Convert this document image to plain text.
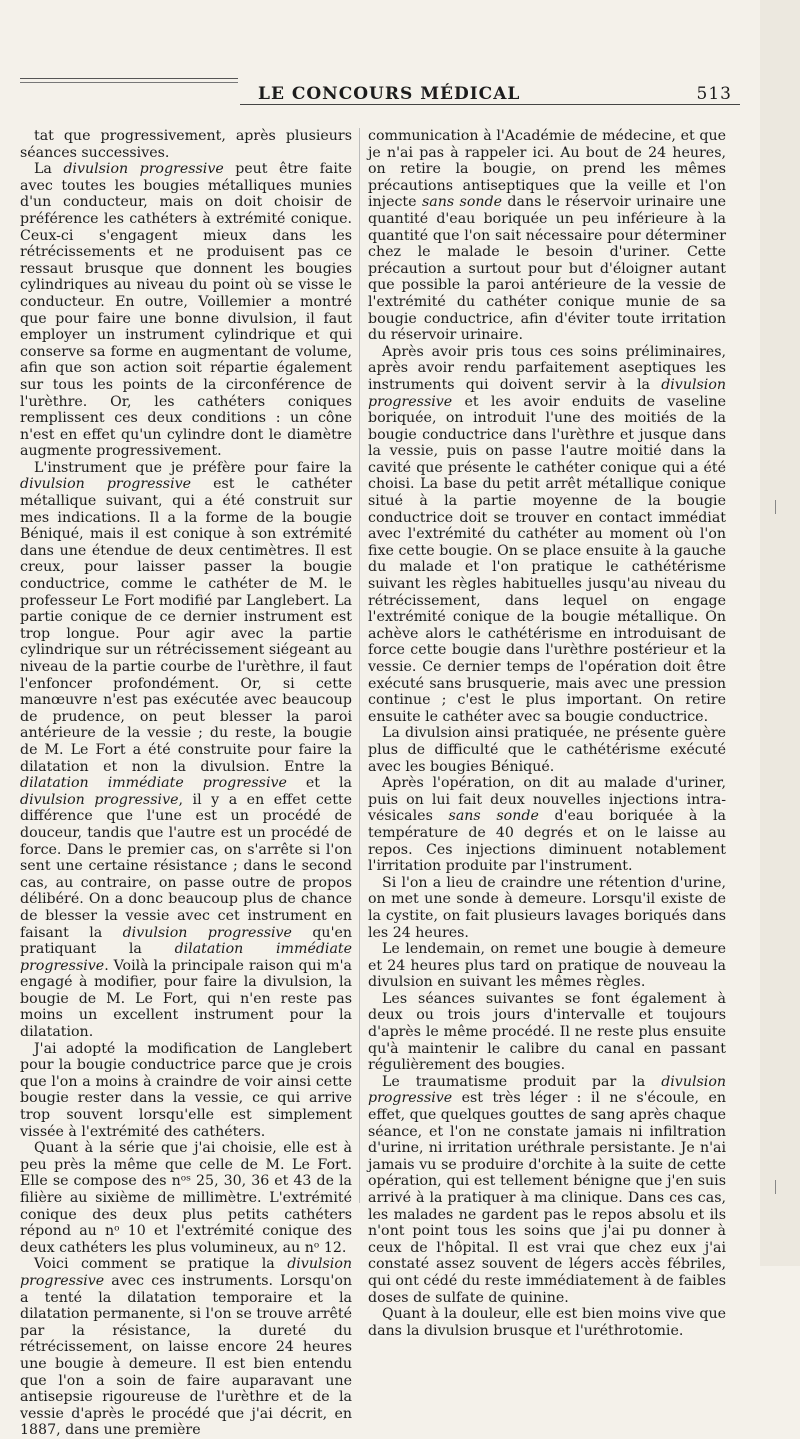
LE CONCOURS MÉDICAL	513

tat que progressivement, après plusieurs séances successives.

La divulsion progressive peut être faite avec toutes les bougies métalliques munies d'un conducteur, mais on doit choisir de préférence les cathéters à extrémité conique. Ceux-ci s'engagent mieux dans les rétrécissements et ne produisent pas ce ressaut brusque que donnent les bougies cylindriques au niveau du point où se visse le conducteur. En outre, Voillemier a montré que pour faire une bonne divulsion, il faut employer un instrument cylindrique et qui conserve sa forme en augmentant de volume, afin que son action soit répartie également sur tous les points de la circonférence de l'urèthre. Or, les cathéters coniques remplissent ces deux conditions : un cône n'est en effet qu'un cylindre dont le diamètre augmente progressivement.

L'instrument que je préfère pour faire la divulsion progressive est le cathéter métallique suivant, qui a été construit sur mes indications. Il a la forme de la bougie Béniqué, mais il est conique à son extrémité dans une étendue de deux centimètres. Il est creux, pour laisser passer la bougie conductrice, comme le cathéter de M. le professeur Le Fort modifié par Langlebert. La partie conique de ce dernier instrument est trop longue. Pour agir avec la partie cylindrique sur un rétrécissement siégeant au niveau de la partie courbe de l'urèthre, il faut l'enfoncer profondément. Or, si cette manœuvre n'est pas exécutée avec beaucoup de prudence, on peut blesser la paroi antérieure de la vessie ; du reste, la bougie de M. Le Fort a été construite pour faire la dilatation et non la divulsion. Entre la dilatation immédiate progressive et la divulsion progressive, il y a en effet cette différence que l'une est un procédé de douceur, tandis que l'autre est un procédé de force. Dans le premier cas, on s'arrête si l'on sent une certaine résistance ; dans le second cas, au contraire, on passe outre de propos délibéré. On a donc beaucoup plus de chance de blesser la vessie avec cet instrument en faisant la divulsion progressive qu'en pratiquant la dilatation immédiate progressive. Voilà la principale raison qui m'a engagé à modifier, pour faire la divulsion, la bougie de M. Le Fort, qui n'en reste pas moins un excellent instrument pour la dilatation.

J'ai adopté la modification de Langlebert pour la bougie conductrice parce que je crois que l'on a moins à craindre de voir ainsi cette bougie rester dans la vessie, ce qui arrive trop souvent lorsqu'elle est simplement vissée à l'extrémité des cathéters.

Quant à la série que j'ai choisie, elle est à peu près la même que celle de M. Le Fort. Elle se compose des nᵒˢ 25, 30, 36 et 43 de la filière au sixième de millimètre. L'extrémité conique des deux plus petits cathéters répond au nᵒ 10 et l'extrémité conique des deux cathéters les plus volumineux, au nᵒ 12.

Voici comment se pratique la divulsion progressive avec ces instruments. Lorsqu'on a tenté la dilatation temporaire et la dilatation permanente, si l'on se trouve arrêté par la résistance, la dureté du rétrécissement, on laisse encore 24 heures une bougie à demeure. Il est bien entendu que l'on a soin de faire auparavant une antisepsie rigoureuse de l'urèthre et de la vessie d'après le procédé que j'ai décrit, en 1887, dans une première

communication à l'Académie de médecine, et que je n'ai pas à rappeler ici. Au bout de 24 heures, on retire la bougie, on prend les mêmes précautions antiseptiques que la veille et l'on injecte sans sonde dans le réservoir urinaire une quantité d'eau boriquée un peu inférieure à la quantité que l'on sait nécessaire pour déterminer chez le malade le besoin d'uriner. Cette précaution a surtout pour but d'éloigner autant que possible la paroi antérieure de la vessie de l'extrémité du cathéter conique munie de sa bougie conductrice, afin d'éviter toute irritation du réservoir urinaire.

Après avoir pris tous ces soins préliminaires, après avoir rendu parfaitement aseptiques les instruments qui doivent servir à la divulsion progressive et les avoir enduits de vaseline boriquée, on introduit l'une des moitiés de la bougie conductrice dans l'urèthre et jusque dans la vessie, puis on passe l'autre moitié dans la cavité que présente le cathéter conique qui a été choisi. La base du petit arrêt métallique conique situé à la partie moyenne de la bougie conductrice doit se trouver en contact immédiat avec l'extrémité du cathéter au moment où l'on fixe cette bougie. On se place ensuite à la gauche du malade et l'on pratique le cathétérisme suivant les règles habituelles jusqu'au niveau du rétrécissement, dans lequel on engage l'extrémité conique de la bougie métallique. On achève alors le cathétérisme en introduisant de force cette bougie dans l'urèthre postérieur et la vessie. Ce dernier temps de l'opération doit être exécuté sans brusquerie, mais avec une pression continue ; c'est le plus important. On retire ensuite le cathéter avec sa bougie conductrice.

La divulsion ainsi pratiquée, ne présente guère plus de difficulté que le cathétérisme exécuté avec les bougies Béniqué.

Après l'opération, on dit au malade d'uriner, puis on lui fait deux nouvelles injections intra-vésicales sans sonde d'eau boriquée à la température de 40 degrés et on le laisse au repos. Ces injections diminuent notablement l'irritation produite par l'instrument.

Si l'on a lieu de craindre une rétention d'urine, on met une sonde à demeure. Lorsqu'il existe de la cystite, on fait plusieurs lavages boriqués dans les 24 heures.

Le lendemain, on remet une bougie à demeure et 24 heures plus tard on pratique de nouveau la divulsion en suivant les mêmes règles.

Les séances suivantes se font également à deux ou trois jours d'intervalle et toujours d'après le même procédé. Il ne reste plus ensuite qu'à maintenir le calibre du canal en passant régulièrement des bougies.

Le traumatisme produit par la divulsion progressive est très léger : il ne s'écoule, en effet, que quelques gouttes de sang après chaque séance, et l'on ne constate jamais ni infiltration d'urine, ni irritation uréthrale persistante. Je n'ai jamais vu se produire d'orchite à la suite de cette opération, qui est tellement bénigne que j'en suis arrivé à la pratiquer à ma clinique. Dans ces cas, les malades ne gardent pas le repos absolu et ils n'ont point tous les soins que j'ai pu donner à ceux de l'hôpital. Il est vrai que chez eux j'ai constaté assez souvent de légers accès fébriles, qui ont cédé du reste immédiatement à de faibles doses de sulfate de quinine.

Quant à la douleur, elle est bien moins vive que dans la divulsion brusque et l'uréthrotomie.
